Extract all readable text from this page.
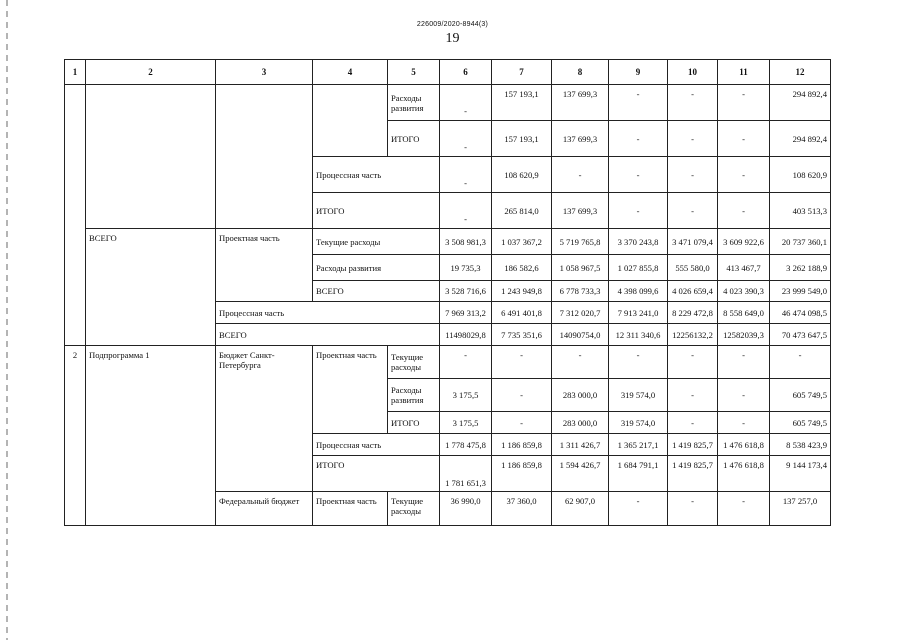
226009/2020-8944(3)
19
1	2	3	4	5	6	7	8	9	10	11	12
				Расходы развития	-	157 193,1	137 699,3	-	-	-	294 892,4
				ИТОГО	-	157 193,1	137 699,3	-	-	-	294 892,4
			Процессная часть		-	108 620,9	-	-	-	-	108 620,9
			ИТОГО		-	265 814,0	137 699,3	-	-	-	403 513,3
	ВСЕГО	Проектная часть	Текущие расходы		3 508 981,3	1 037 367,2	5 719 765,8	3 370 243,8	3 471 079,4	3 609 922,6	20 737 360,1
			Расходы развития		19 735,3	186 582,6	1 058 967,5	1 027 855,8	555 580,0	413 467,7	3 262 188,9
			ВСЕГО		3 528 716,6	1 243 949,8	6 778 733,3	4 398 099,6	4 026 659,4	4 023 390,3	23 999 549,0
		Процессная часть			7 969 313,2	6 491 401,8	7 312 020,7	7 913 241,0	8 229 472,8	8 558 649,0	46 474 098,5
		ВСЕГО			11498029,8	7 735 351,6	14090754,0	12 311 340,6	12256132,2	12582039,3	70 473 647,5
2	Подпрограмма 1	Бюджет Санкт-Петербурга	Проектная часть	Текущие расходы	-	-	-	-	-	-	-
				Расходы развития	3 175,5	-	283 000,0	319 574,0	-	-	605 749,5
				ИТОГО	3 175,5	-	283 000,0	319 574,0	-	-	605 749,5
			Процессная часть		1 778 475,8	1 186 859,8	1 311 426,7	1 365 217,1	1 419 825,7	1 476 618,8	8 538 423,9
			ИТОГО		1 781 651,3	1 186 859,8	1 594 426,7	1 684 791,1	1 419 825,7	1 476 618,8	9 144 173,4
		Федеральный бюджет	Проектная часть	Текущие расходы	36 990,0	37 360,0	62 907,0	-	-	-	137 257,0
